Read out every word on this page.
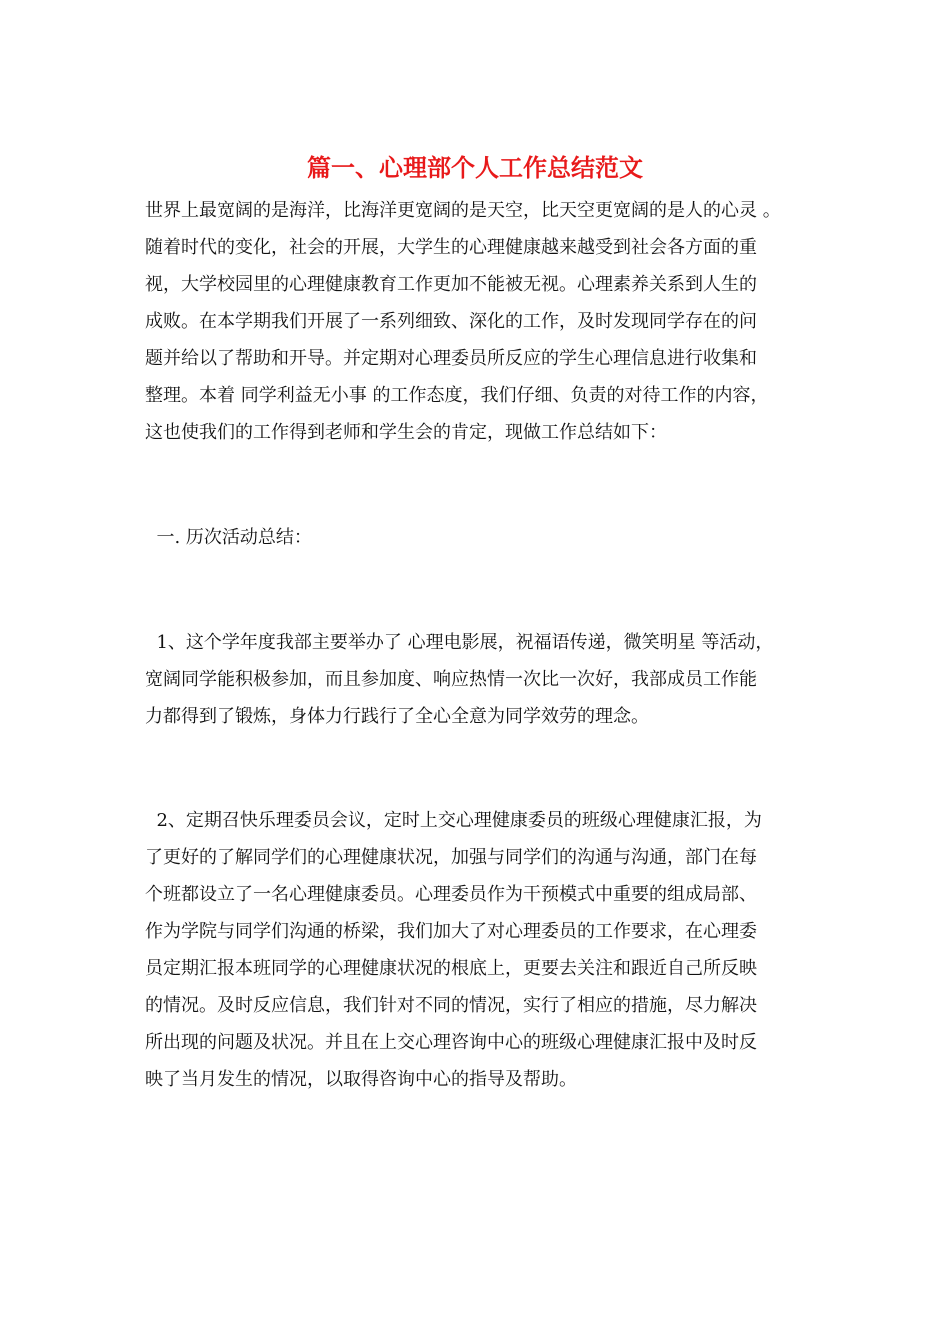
篇一、心理部个人工作总结范文
世界上最宽阔的是海洋，比海洋更宽阔的是天空，比天空更宽阔的是人的心灵 。
随着时代的变化，社会的开展，大学生的心理健康越来越受到社会各方面的重
视，大学校园里的心理健康教育工作更加不能被无视。心理素养关系到人生的
成败。在本学期我们开展了一系列细致、深化的工作，及时发现同学存在的问
题并给以了帮助和开导。并定期对心理委员所反应的学生心理信息进行收集和
整理。本着 同学利益无小事 的工作态度，我们仔细、负责的对待工作的内容，
这也使我们的工作得到老师和学生会的肯定，现做工作总结如下：
一. 历次活动总结：
1、这个学年度我部主要举办了 心理电影展，祝福语传递，微笑明星 等活动，
宽阔同学能积极参加，而且参加度、响应热情一次比一次好，我部成员工作能
力都得到了锻炼，身体力行践行了全心全意为同学效劳的理念。
2、定期召快乐理委员会议，定时上交心理健康委员的班级心理健康汇报，为
了更好的了解同学们的心理健康状况，加强与同学们的沟通与沟通，部门在每
个班都设立了一名心理健康委员。心理委员作为干预模式中重要的组成局部、
作为学院与同学们沟通的桥梁，我们加大了对心理委员的工作要求，在心理委
员定期汇报本班同学的心理健康状况的根底上，更要去关注和跟近自己所反映
的情况。及时反应信息，我们针对不同的情况，实行了相应的措施，尽力解决
所出现的问题及状况。并且在上交心理咨询中心的班级心理健康汇报中及时反
映了当月发生的情况，以取得咨询中心的指导及帮助。
